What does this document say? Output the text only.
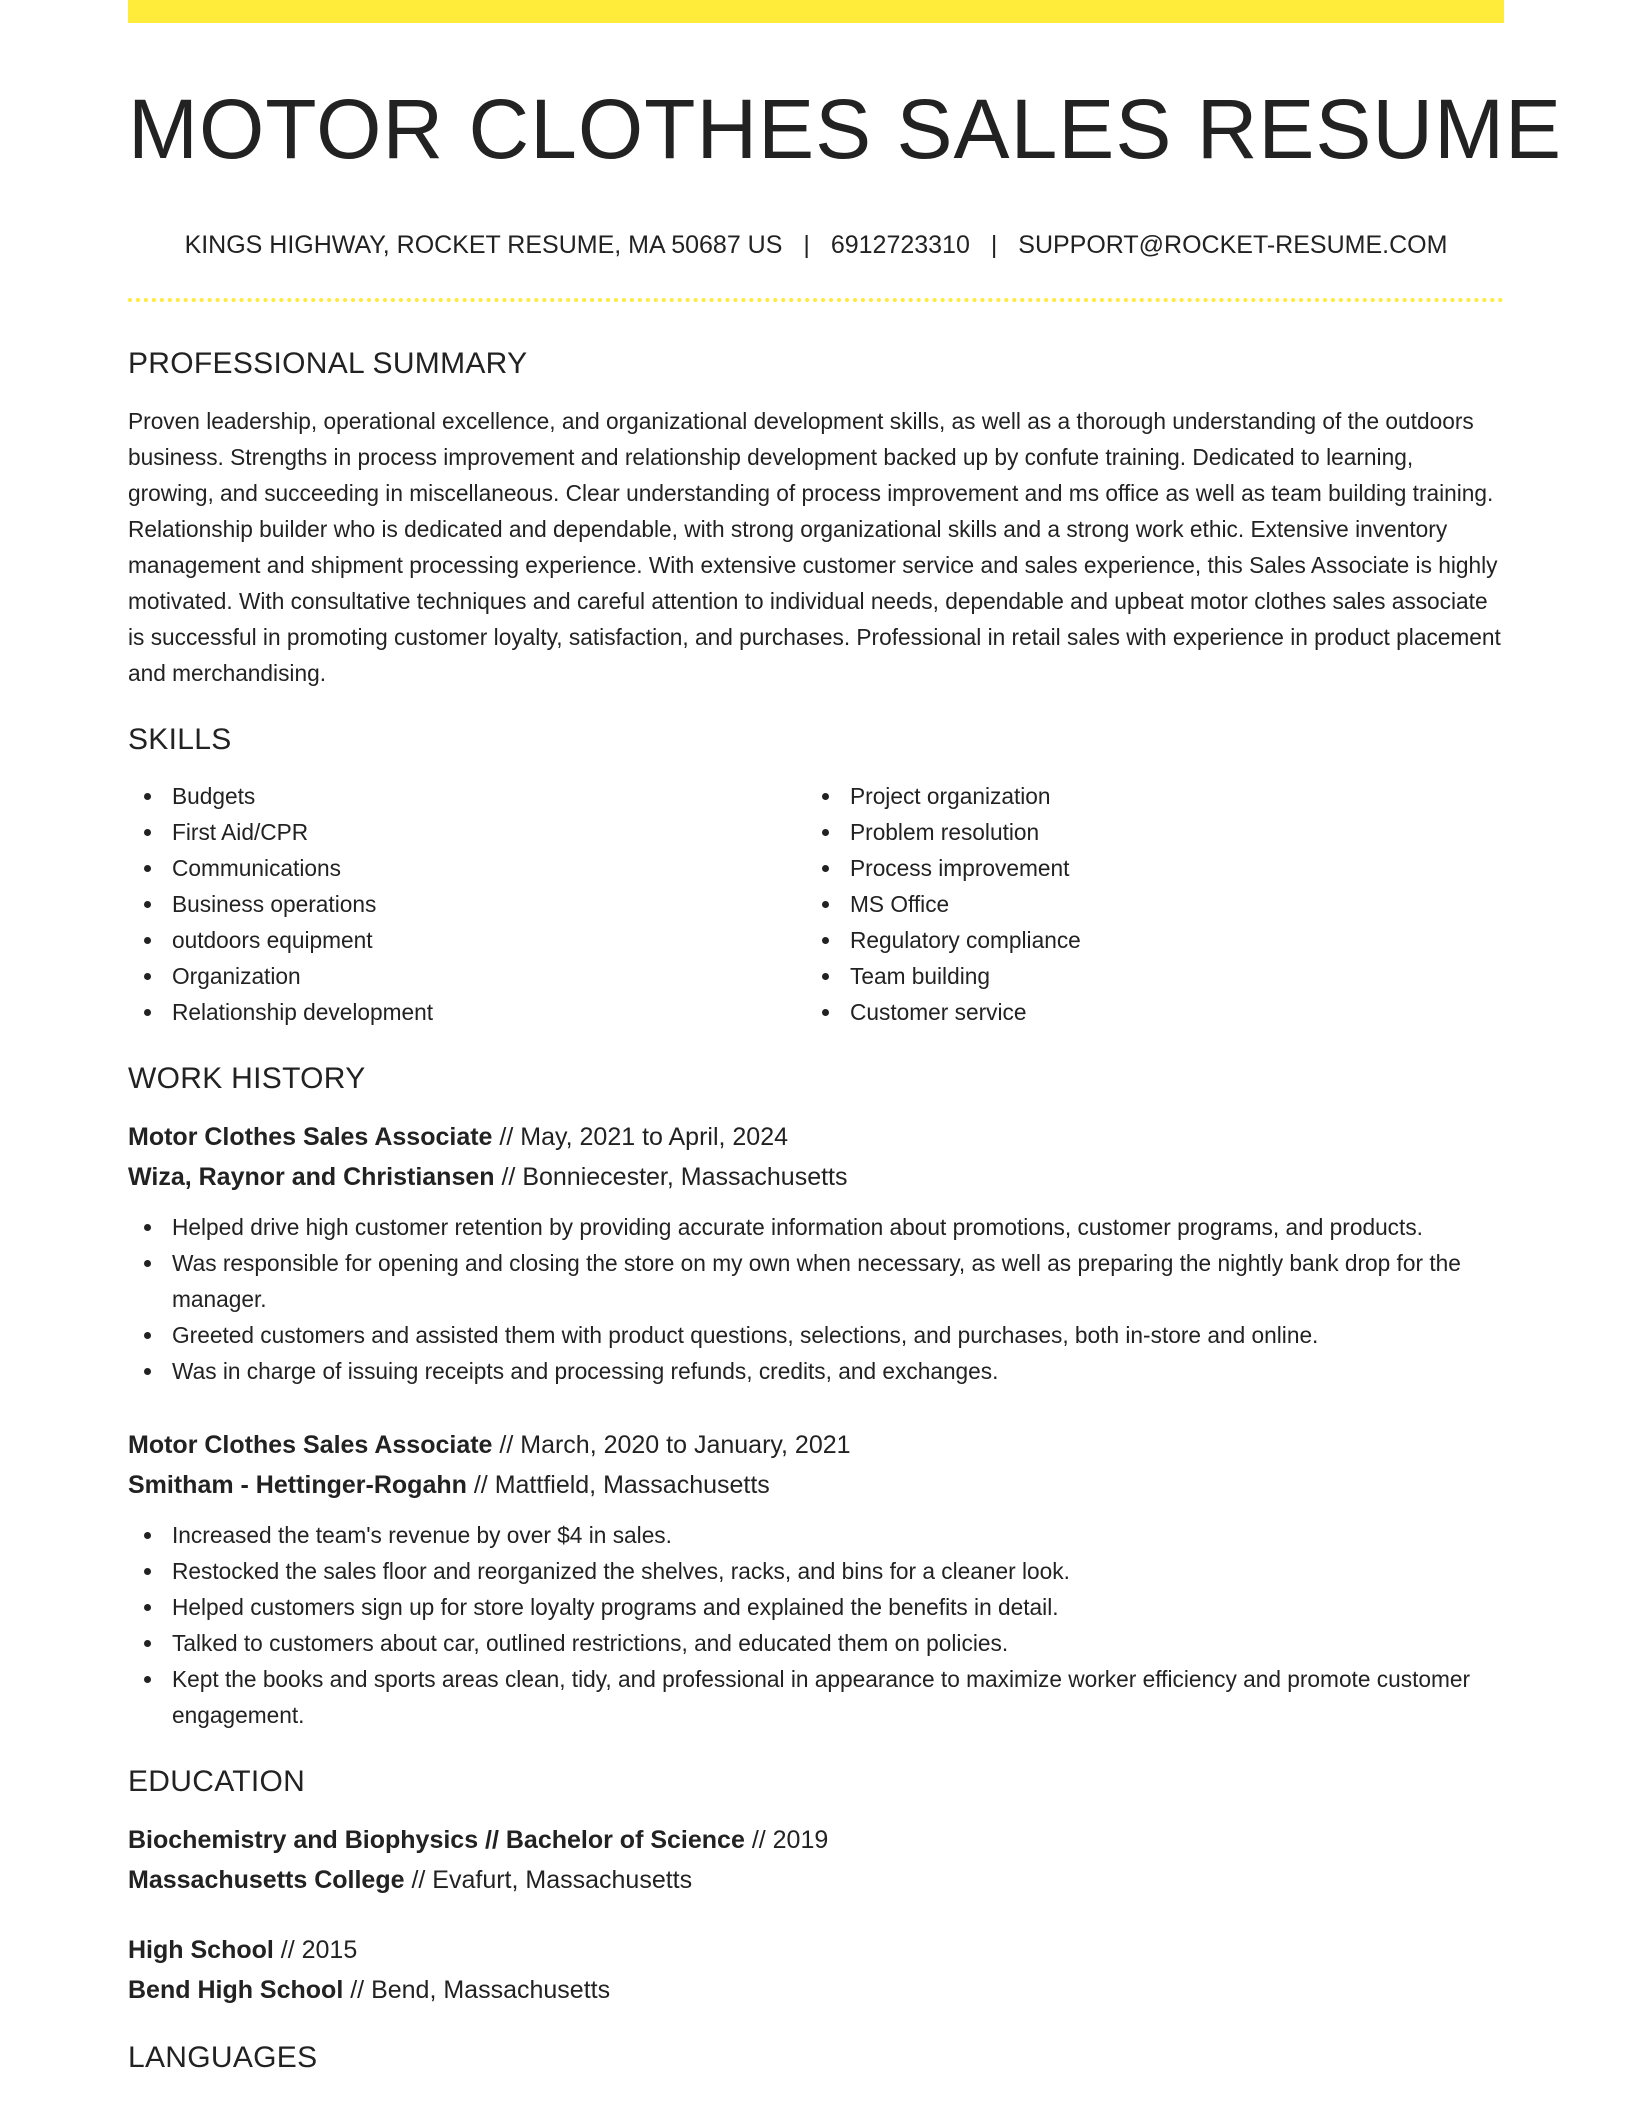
MOTOR CLOTHES SALES RESUME
KINGS HIGHWAY, ROCKET RESUME, MA 50687 US | 6912723310 | SUPPORT@ROCKET-RESUME.COM
PROFESSIONAL SUMMARY

Proven leadership, operational excellence, and organizational development skills, as well as a thorough understanding of the outdoors business. Strengths in process improvement and relationship development backed up by confute training. Dedicated to learning, growing, and succeeding in miscellaneous. Clear understanding of process improvement and ms office as well as team building training. Relationship builder who is dedicated and dependable, with strong organizational skills and a strong work ethic. Extensive inventory management and shipment processing experience. With extensive customer service and sales experience, this Sales Associate is highly motivated. With consultative techniques and careful attention to individual needs, dependable and upbeat motor clothes sales associate is successful in promoting customer loyalty, satisfaction, and purchases. Professional in retail sales with experience in product placement and merchandising.

SKILLS
Budgets
First Aid/CPR
Communications
Business operations
outdoors equipment
Organization
Relationship development
Project organization
Problem resolution
Process improvement
MS Office
Regulatory compliance
Team building
Customer service
WORK HISTORY
Motor Clothes Sales Associate // May, 2021 to April, 2024
Wiza, Raynor and Christiansen // Bonniecester, Massachusetts
Helped drive high customer retention by providing accurate information about promotions, customer programs, and products.
Was responsible for opening and closing the store on my own when necessary, as well as preparing the nightly bank drop for the manager.
Greeted customers and assisted them with product questions, selections, and purchases, both in-store and online.
Was in charge of issuing receipts and processing refunds, credits, and exchanges.
Motor Clothes Sales Associate // March, 2020 to January, 2021
Smitham - Hettinger-Rogahn // Mattfield, Massachusetts
Increased the team's revenue by over $4 in sales.
Restocked the sales floor and reorganized the shelves, racks, and bins for a cleaner look.
Helped customers sign up for store loyalty programs and explained the benefits in detail.
Talked to customers about car, outlined restrictions, and educated them on policies.
Kept the books and sports areas clean, tidy, and professional in appearance to maximize worker efficiency and promote customer engagement.
EDUCATION
Biochemistry and Biophysics // Bachelor of Science // 2019
Massachusetts College // Evafurt, Massachusetts
High School // 2015
Bend High School // Bend, Massachusetts
LANGUAGES
